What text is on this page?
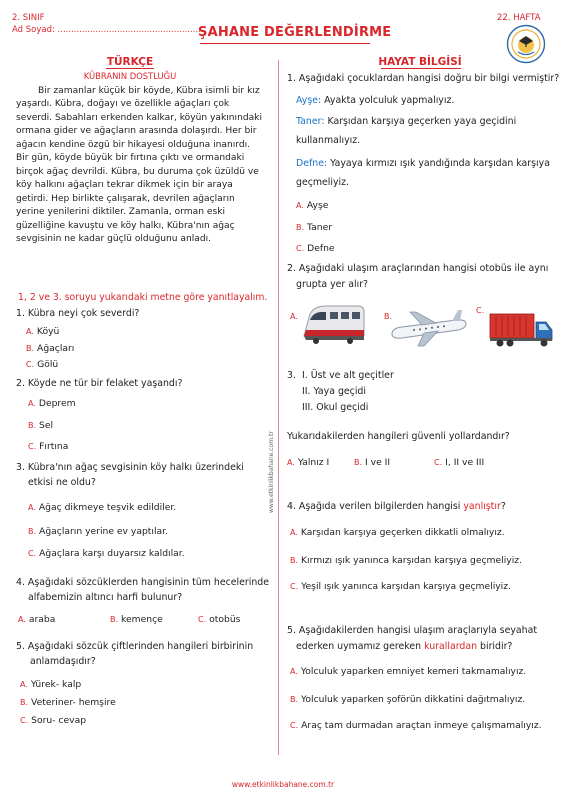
2. SINIF
Ad Soyad: .......................................................
22. HAFTA
ŞAHANE DEĞERLENDİRME
TÜRKÇE
KÜBRANIN DOSTLUĞU

Bir zamanlar küçük bir köyde, Kübra isimli bir kız yaşardı. Kübra, doğayı ve özellikle ağaçları çok severdi. Sabahları erkenden kalkar, köyün yakınındaki ormana gider ve ağaçların arasında dolaşırdı. Her bir ağacın kendine özgü bir hikayesi olduğuna inanırdı.

Bir gün, köyde büyük bir fırtına çıktı ve ormandaki birçok ağaç devrildi. Kübra, bu duruma çok üzüldü ve köy halkını ağaçları tekrar dikmek için bir araya getirdi. Hep birlikte çalışarak, devrilen ağaçların yerine yenilerini diktiler. Zamanla, orman eski güzelliğine kavuştu ve köy halkı, Kübra'nın ağaç sevgisinin ne kadar güçlü olduğunu anladı.
1, 2 ve 3. soruyu yukarıdaki metne göre yanıtlayalım.
1. Kübra neyi çok severdi?
A. Köyü
B. Ağaçları
C. Gölü
2. Köyde ne tür bir felaket yaşandı?
A. Deprem
B. Sel
C. Fırtına
3. Kübra'nın ağaç sevgisinin köy halkı üzerindeki
etkisi ne oldu?
A. Ağaç dikmeye teşvik edildiler.
B. Ağaçların yerine ev yaptılar.
C. Ağaçlara karşı duyarsız kaldılar.
4. Aşağıdaki sözcüklerden hangisinin tüm hecelerinde
alfabemizin altıncı harfi bulunur?
A. araba	B. kemençe	C. otobüs
5. Aşağıdaki sözcük çiftlerinden hangileri birbirinin
anlamdaşıdır?
A. Yürek- kalp
B. Veteriner- hemşire
C. Soru- cevap
www.etkinlikbahane.com.tr
HAYAT BİLGİSİ
1. Aşağıdaki çocuklardan hangisi doğru bir bilgi vermiştir?
Ayşe: Ayakta yolculuk yapmalıyız.
Taner: Karşıdan karşıya geçerken yaya geçidini
kullanmalıyız.
Defne: Yayaya kırmızı ışık yandığında karşıdan karşıya
geçmeliyiz.
A. Ayşe
B. Taner
C. Defne
2. Aşağıdaki ulaşım araçlarından hangisi otobüs ile aynı
grupta yer alır?
A.	B.
C.
3. I. Üst ve alt geçitler
II. Yaya geçidi
III. Okul geçidi
Yukarıdakilerden hangileri güvenli yollardandır?
A. Yalnız I	B. I ve II	C. I, II ve III
4. Aşağıda verilen bilgilerden hangisi yanlıştır?
A. Karşıdan karşıya geçerken dikkatli olmalıyız.
B. Kırmızı ışık yanınca karşıdan karşıya geçmeliyiz.
C. Yeşil ışık yanınca karşıdan karşıya geçmeliyiz.
5. Aşağıdakilerden hangisi ulaşım araçlarıyla seyahat
ederken uymamız gereken kurallardan biridir?
A. Yolculuk yaparken emniyet kemeri takmamalıyız.
B. Yolculuk yaparken şoförün dikkatini dağıtmalıyız.
C. Araç tam durmadan araçtan inmeye çalışmamalıyız.
www.etkinlikbahane.com.tr
